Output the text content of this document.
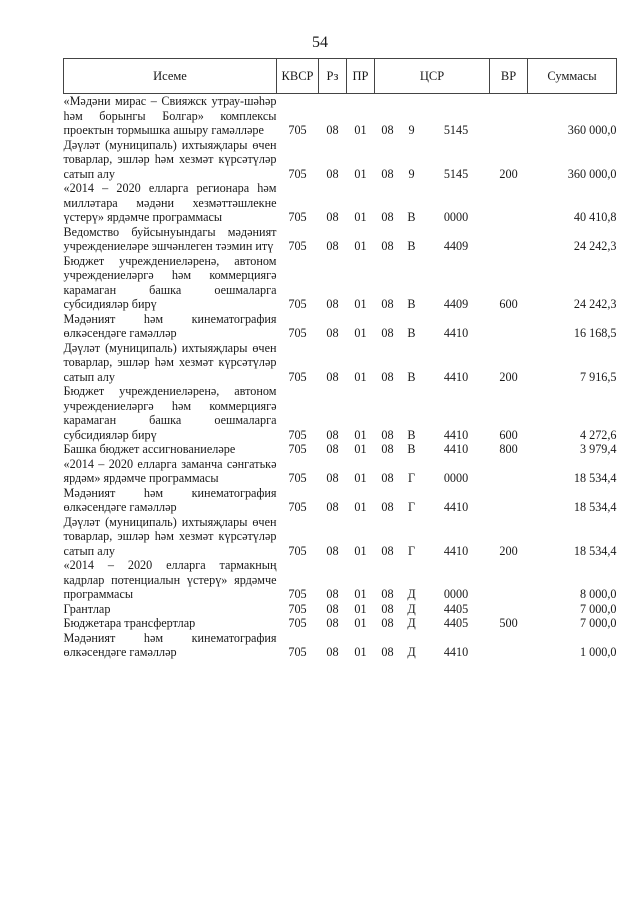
54
Исеме	КВСР	Рз	ПР	ЦСР			ВР	Суммасы
«Мәдәни мирас – Свияжск утрау-шәһәр һәм борынгы Болгар» комплексы проектын тормышка ашыру гамәлләре	705	08	01	08	9	5145		360 000,0
Дәүләт (муниципаль) ихтыяҗлары өчен товарлар, эшләр һәм хезмәт күрсәтүләр сатып алу	705	08	01	08	9	5145	200	360 000,0
«2014 – 2020 елларга регионара һәм милләтара мәдәни хезмәттәшлекне үстерү» ярдәмче программасы	705	08	01	08	В	0000		40 410,8
Ведомство буйсынуындагы мәдәният учреждениеләре эшчәнлеген тәэмин итү	705	08	01	08	В	4409		24 242,3
Бюджет учреждениеләренә, автоном учреждениеләргә һәм коммерциягә карамаган башка оешмаларга субсидияләр бирү	705	08	01	08	В	4409	600	24 242,3
Мәдәният һәм кинематография өлкәсендәге гамәлләр	705	08	01	08	В	4410		16 168,5
Дәүләт (муниципаль) ихтыяҗлары өчен товарлар, эшләр һәм хезмәт күрсәтүләр сатып алу	705	08	01	08	В	4410	200	7 916,5
Бюджет учреждениеләренә, автоном учреждениеләргә һәм коммерциягә карамаган башка оешмаларга субсидияләр бирү	705	08	01	08	В	4410	600	4 272,6
Башка бюджет ассигнованиеләре	705	08	01	08	В	4410	800	3 979,4
«2014 – 2020 елларга заманча сәнгатькә ярдәм» ярдәмче программасы	705	08	01	08	Г	0000		18 534,4
Мәдәният һәм кинематография өлкәсендәге гамәлләр	705	08	01	08	Г	4410		18 534,4
Дәүләт (муниципаль) ихтыяҗлары өчен товарлар, эшләр һәм хезмәт күрсәтүләр сатып алу	705	08	01	08	Г	4410	200	18 534,4
«2014 – 2020 елларга тармакның кадрлар потенциалын үстерү» ярдәмче программасы	705	08	01	08	Д	0000		8 000,0
Грантлар	705	08	01	08	Д	4405		7 000,0
Бюджетара трансфертлар	705	08	01	08	Д	4405	500	7 000,0
Мәдәният һәм кинематография өлкәсендәге гамәлләр	705	08	01	08	Д	4410		1 000,0
